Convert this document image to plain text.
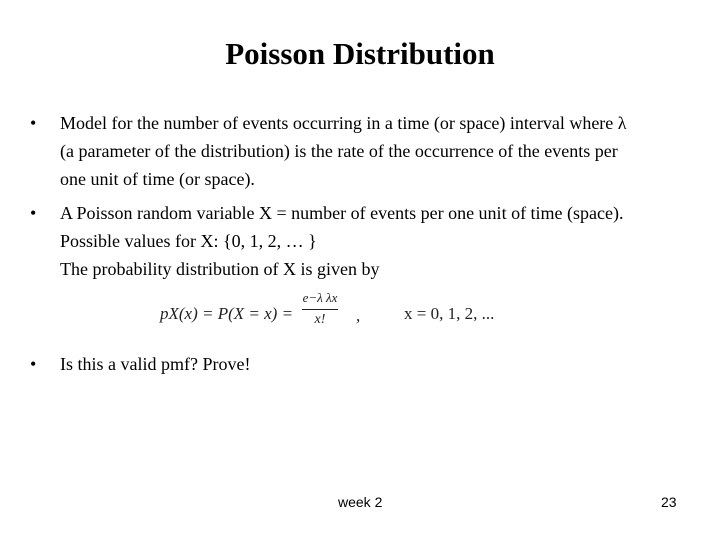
Poisson Distribution
•	Model for the number of events occurring in a time (or space) interval where λ
(a parameter of the distribution) is the rate of the occurrence of the events per
one unit of time (or space).
•	A Poisson random variable X = number of events per one unit of time (space).
Possible values for X: {0, 1, 2, … }
The probability distribution of X is given by
pX(x) = P(X = x) =
e−λ λx
x!	,	x = 0, 1, 2, ...
•	Is this a valid pmf? Prove!
week 2	23
